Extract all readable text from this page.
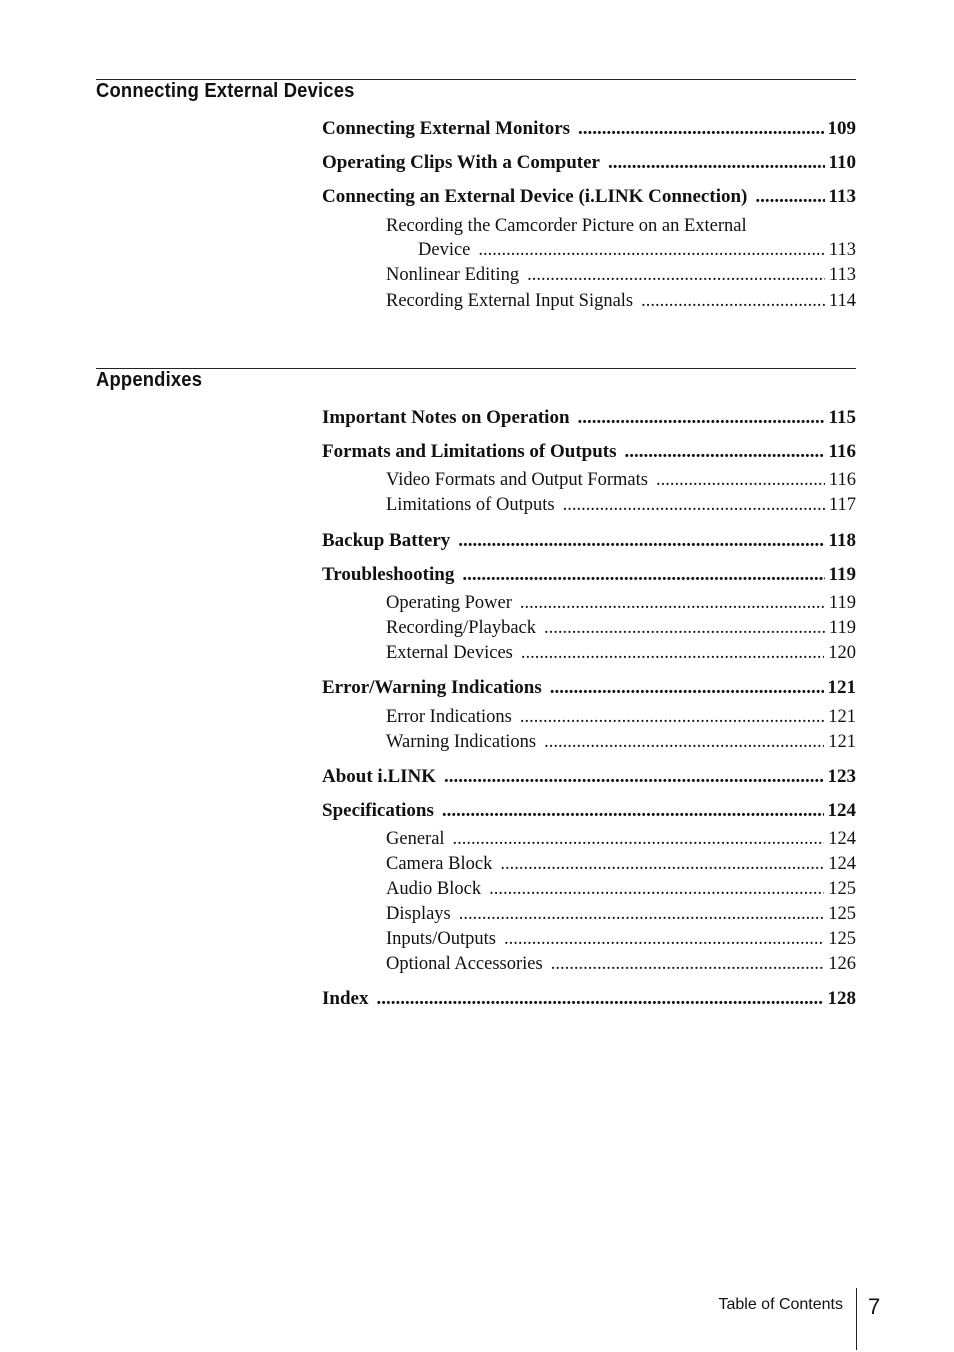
Connecting External Devices
Connecting External Monitors .....	109
Operating Clips With a Computer .....	110
Connecting an External Device (i.LINK Connection) .....	113
Recording the Camcorder Picture on an External
Device .....	113
Nonlinear Editing .....	113
Recording External Input Signals .....	114
Appendixes
Important Notes on Operation .....	115
Formats and Limitations of Outputs .....	116
Video Formats and Output Formats .....	116
Limitations of Outputs .....	117
Backup Battery .....	118
Troubleshooting .....	119
Operating Power .....	119
Recording/Playback .....	119
External Devices .....	120
Error/Warning Indications .....	121
Error Indications .....	121
Warning Indications .....	121
About i.LINK .....	123
Specifications .....	124
General .....	124
Camera Block .....	124
Audio Block .....	125
Displays .....	125
Inputs/Outputs .....	125
Optional Accessories .....	126
Index .....	128
Table of Contents 7
